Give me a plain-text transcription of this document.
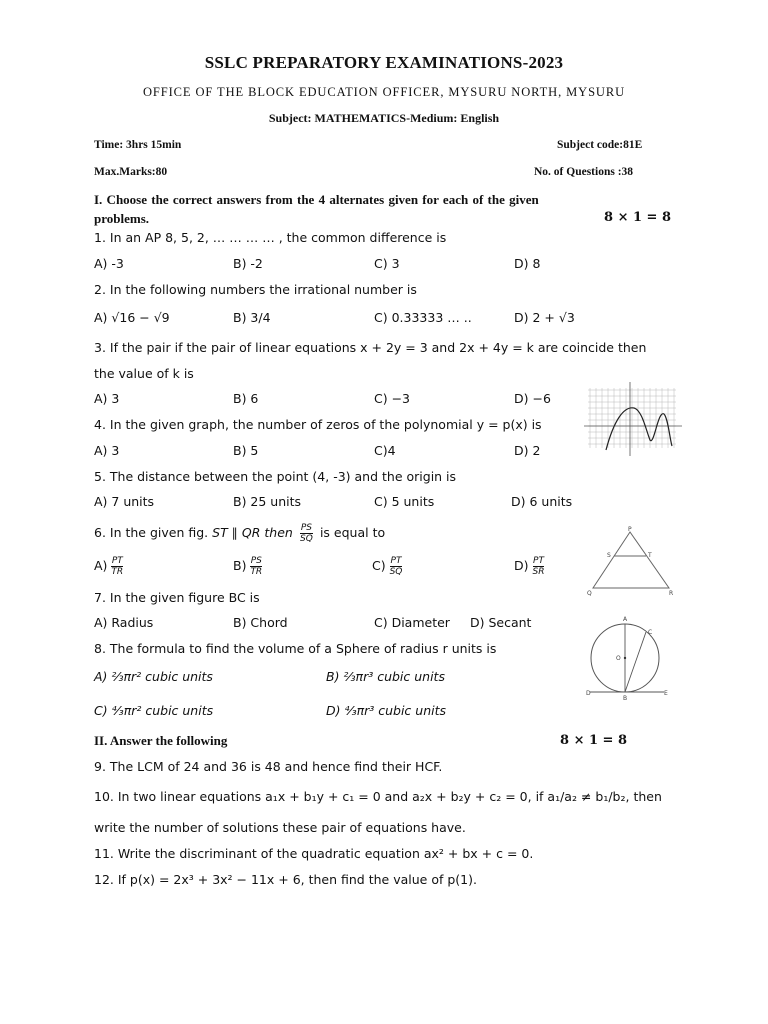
SSLC PREPARATORY EXAMINATIONS-2023
OFFICE OF THE BLOCK EDUCATION OFFICER, MYSURU NORTH, MYSURU
Subject: MATHEMATICS-Medium: English
Time: 3hrs 15min	Subject code:81E
Max.Marks:80	No. of Questions :38
I. Choose the correct answers from the 4 alternates given for each of the given
problems.	8 × 1 = 8
1. In an AP 8, 5, 2, … … … … , the common difference is
A) -3	B) -2	C) 3	D) 8
2. In the following numbers the irrational number is
A) √16 − √9	B) 3/4	C) 0.33333 … ..	D) 2 + √3
3. If the pair if the pair of linear equations x + 2y = 3 and 2x + 4y = k are coincide then
the value of k is
A) 3	B) 6	C) −3	D) −6
4. In the given graph, the number of zeros of the polynomial y = p(x) is
A) 3	B) 5	C)4	D) 2
5. The distance between the point (4, -3) and the origin is
A) 7 units	B) 25 units	C) 5 units	D) 6 units
P
S	T
Q	R
6. In the given fig. ST ∥ QR then $\frac{PS}{SQ}$ is equal to
$A) \frac{PT}{TR}$	$B) \frac{PS}{TR}$	$C) \frac{PT}{SQ}$	$D) \frac{PT}{SR}$
7. In the given figure BC is
A) Radius	B) Chord	C) Diameter D) Secant	A
C
O
D
B
E
8. The formula to find the volume of a Sphere of radius r units is
A) ⅔πr² cubic units	B) ⅔πr³ cubic units
C) ⁴⁄₃πr² cubic units	D) ⁴⁄₃πr³ cubic units
II. Answer the following	8 × 1 = 8
9. The LCM of 24 and 36 is 48 and hence find their HCF.
10. In two linear equations a₁x + b₁y + c₁ = 0 and a₂x + b₂y + c₂ = 0, if a₁/a₂ ≠ b₁/b₂, then
write the number of solutions these pair of equations have.
11. Write the discriminant of the quadratic equation ax² + bx + c = 0.
12. If p(x) = 2x³ + 3x² − 11x + 6, then find the value of p(1).
